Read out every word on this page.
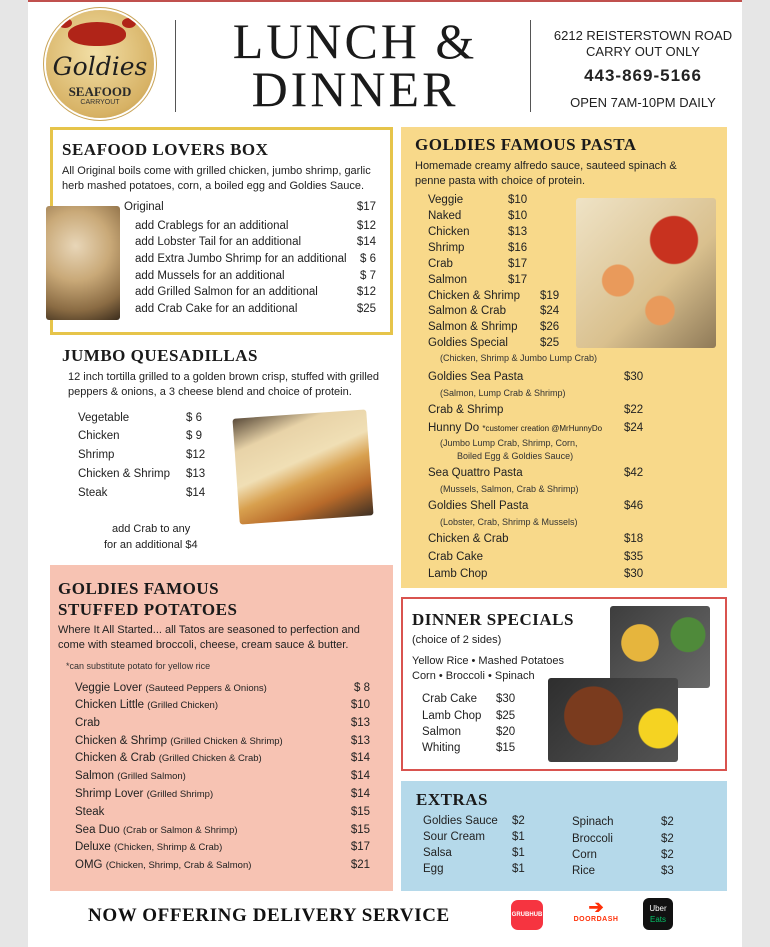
Goldies
SEAFOOD
CARRYOUT
LUNCH &
DINNER
6212 REISTERSTOWN ROAD
CARRY OUT ONLY
443-869-5166
OPEN 7AM-10PM DAILY
SEAFOOD LOVERS BOX
All Original boils come with grilled chicken, jumbo shrimp, garlic
herb mashed potatoes, corn, a boiled egg and Goldies Sauce.
Original	$17
add Crablegs for an additional	$12
add Lobster Tail for an additional	$14
add Extra Jumbo Shrimp for an additional	$ 6
add Mussels for an additional	$ 7
add Grilled Salmon for an additional	$12
add Crab Cake for an additional	$25
JUMBO QUESADILLAS
12 inch tortilla grilled to a golden brown crisp, stuffed with grilled
peppers & onions, a 3 cheese blend and choice of protein.
Vegetable	$ 6
Chicken	$ 9
Shrimp	$12
Chicken & Shrimp $13
Steak	$14
add Crab to any
for an additional $4
GOLDIES FAMOUS
STUFFED POTATOES
Where It All Started... all Tatos are seasoned to perfection and
come with steamed broccoli, cheese, cream sauce & butter.
*can substitute potato for yellow rice
Veggie Lover (Sauteed Peppers & Onions)	$ 8
Chicken Little (Grilled Chicken)	$10
Crab	$13
Chicken & Shrimp (Grilled Chicken & Shrimp)	$13
Chicken & Crab (Grilled Chicken & Crab)	$14
Salmon (Grilled Salmon)	$14
Shrimp Lover (Grilled Shrimp)	$14
Steak	$15
Sea Duo (Crab or Salmon & Shrimp)	$15
Deluxe (Chicken, Shrimp & Crab)	$17
OMG (Chicken, Shrimp, Crab & Salmon)	$21
GOLDIES FAMOUS PASTA
Homemade creamy alfredo sauce, sauteed spinach &
penne pasta with choice of protein.
Veggie	$10
Naked	$10
Chicken	$13
Shrimp	$16
Crab	$17
Salmon	$17
Chicken & Shrimp $19
Salmon & Crab	$24
Salmon & Shrimp $26
Goldies Special	$25
(Chicken, Shrimp & Jumbo Lump Crab)
Goldies Sea Pasta	$30
(Salmon, Lump Crab & Shrimp)
Crab & Shrimp	$22
Hunny Do *customer creation @MrHunnyDo $24
(Jumbo Lump Crab, Shrimp, Corn,
Boiled Egg & Goldies Sauce)
Sea Quattro Pasta	$42
(Mussels, Salmon, Crab & Shrimp)
Goldies Shell Pasta	$46
(Lobster, Crab, Shrimp & Mussels)
Chicken & Crab	$18
Crab Cake	$35
Lamb Chop	$30
DINNER SPECIALS
(choice of 2 sides)
Yellow Rice • Mashed Potatoes
Corn • Broccoli • Spinach
Crab Cake $30
Lamb Chop $25
Salmon	$20
Whiting	$15
EXTRAS
Goldies Sauce $2
Sour Cream $1
Salsa	$1
Egg	$1
Spinach	$2
Broccoli	$2
Corn	$2
Rice	$3
NOW OFFERING DELIVERY SERVICE	GRUBHUB	➔
DOORDASH
Uber
Eats
